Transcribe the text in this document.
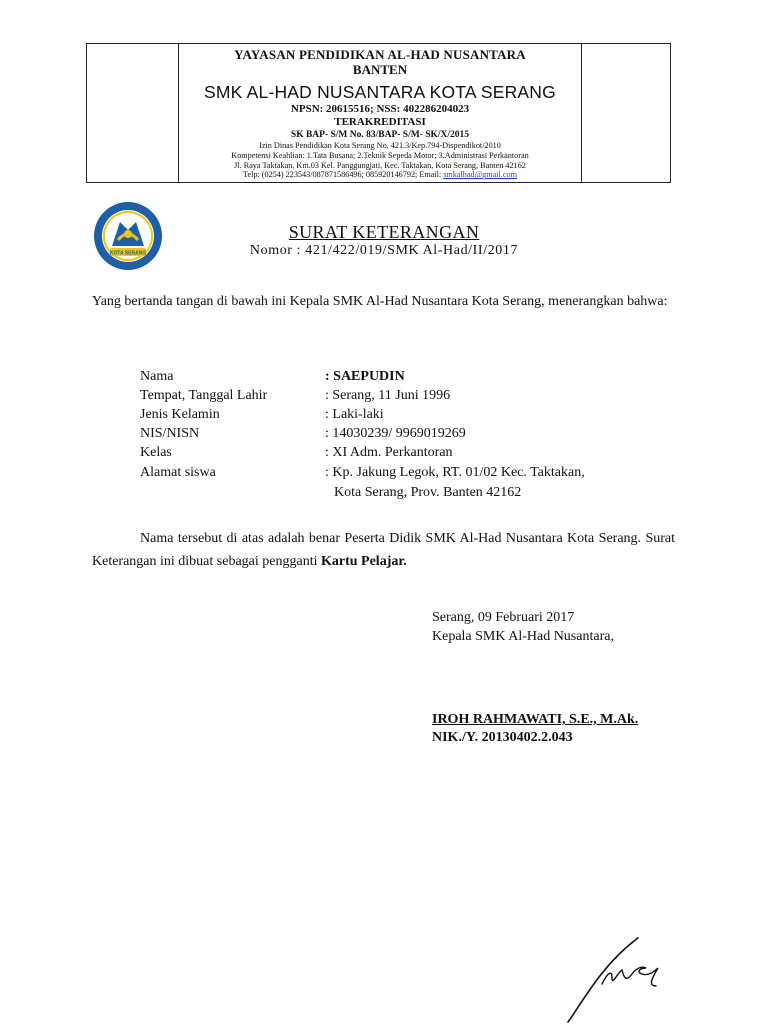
YAYASAN PENDIDIKAN AL-HAD NUSANTARA
BANTEN
SMK AL-HAD NUSANTARA KOTA SERANG
NPSN: 20615516; NSS: 402286204023
TERAKREDITASI
SK BAP- S/M No. 83/BAP- S/M- SK/X/2015
Izin Dinas Pendidikan Kota Serang No. 421.3/Kep.794-Dispendikot/2010
Kompetensi Keahlian: 1.Tata Busana; 2.Teknik Sepeda Motor; 3.Administrasi Perkantoran
Jl. Raya Taktakan, Km.03 Kel. Panggungjati, Kec. Taktakan, Kota Serang, Banten 42162
Telp: (0254) 223543/087871586496; 085920146792; Email: smkalhad@gmail.com
KOTA SERANG
SURAT KETERANGAN
Nomor : 421/422/019/SMK Al-Had/II/2017
Yang bertanda tangan di bawah ini Kepala SMK Al-Had Nusantara Kota Serang, menerangkan bahwa:
Nama	: SAEPUDIN
Tempat, Tanggal Lahir	: Serang, 11 Juni 1996
Jenis Kelamin	: Laki-laki
NIS/NISN	: 14030239/ 9969019269
Kelas	: XI Adm. Perkantoran
Alamat siswa	: Kp. Jakung Legok, RT. 01/02 Kec. Taktakan,
Kota Serang, Prov. Banten 42162
Nama tersebut di atas adalah benar Peserta Didik SMK Al-Had Nusantara Kota Serang. Surat Keterangan ini dibuat sebagai pengganti Kartu Pelajar.
Serang, 09 Februari 2017
Kepala SMK Al-Had Nusantara,
IROH RAHMAWATI, S.E., M.Ak.
NIK./Y. 20130402.2.043
